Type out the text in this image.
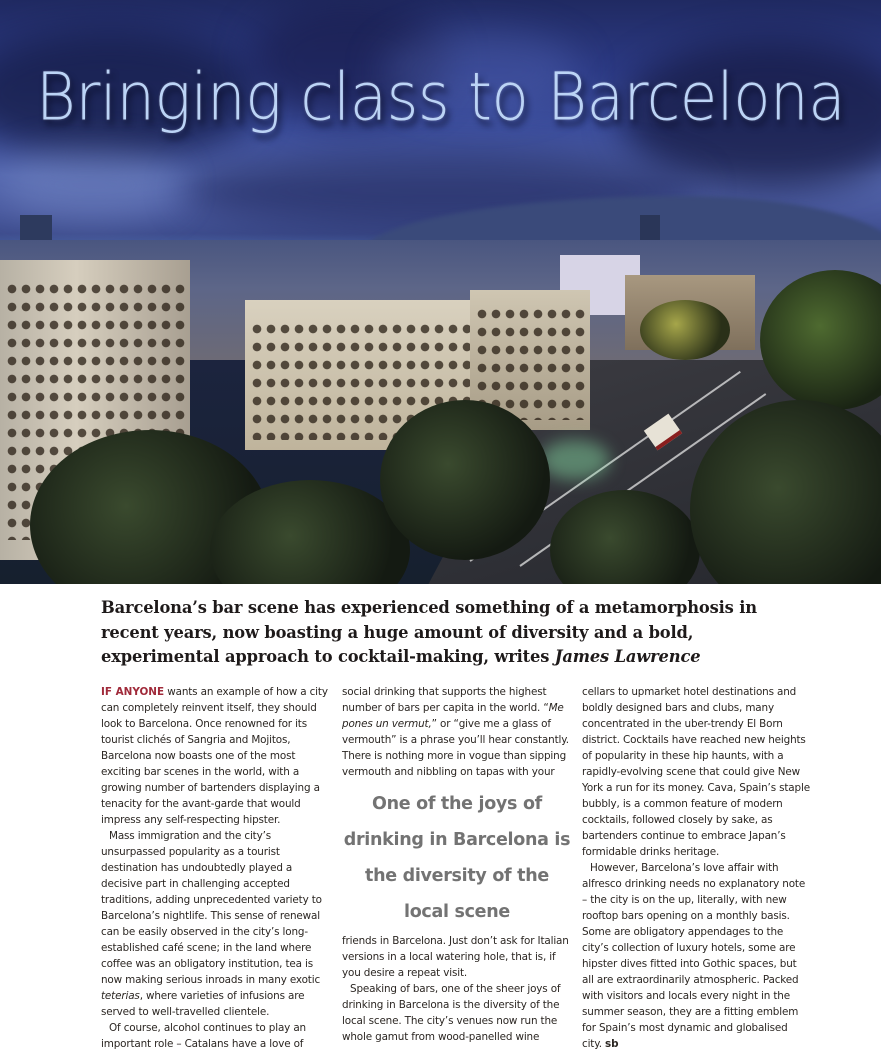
Bringing class to Barcelona
Barcelona’s bar scene has experienced something of a metamorphosis in recent years, now boasting a huge amount of diversity and a bold, experimental approach to cocktail-making, writes James Lawrence

IF ANYONE wants an example of how a city can completely reinvent itself, they should look to Barcelona. Once renowned for its tourist clichés of Sangria and Mojitos, Barcelona now boasts one of the most exciting bar scenes in the world, with a growing number of bartenders displaying a tenacity for the avant-garde that would impress any self-respecting hipster.

Mass immigration and the city’s unsurpassed popularity as a tourist destination has undoubtedly played a decisive part in challenging accepted traditions, adding unprecedented variety to Barcelona’s nightlife. This sense of renewal can be easily observed in the city’s long-established café scene; in the land where coffee was an obligatory institution, tea is now making serious inroads in many exotic teterias, where varieties of infusions are served to well-travelled clientele.

Of course, alcohol continues to play an important role – Catalans have a love of

social drinking that supports the highest number of bars per capita in the world. “Me pones un vermut,” or “give me a glass of vermouth” is a phrase you’ll hear constantly. There is nothing more in vogue than sipping vermouth and nibbling on tapas with your

One of the joys of
drinking in Barcelona is
the diversity of the
local scene

friends in Barcelona. Just don’t ask for Italian versions in a local watering hole, that is, if you desire a repeat visit.

Speaking of bars, one of the sheer joys of drinking in Barcelona is the diversity of the local scene. The city’s venues now run the whole gamut from wood-panelled wine

cellars to upmarket hotel destinations and boldly designed bars and clubs, many concentrated in the uber-trendy El Born district. Cocktails have reached new heights of popularity in these hip haunts, with a rapidly-evolving scene that could give New York a run for its money. Cava, Spain’s staple bubbly, is a common feature of modern cocktails, followed closely by sake, as bartenders continue to embrace Japan’s formidable drinks heritage.

However, Barcelona’s love affair with alfresco drinking needs no explanatory note – the city is on the up, literally, with new rooftop bars opening on a monthly basis. Some are obligatory appendages to the city’s collection of luxury hotels, some are hipster dives fitted into Gothic spaces, but all are extraordinarily atmospheric. Packed with visitors and locals every night in the summer season, they are a fitting emblem for Spain’s most dynamic and globalised city. sb
